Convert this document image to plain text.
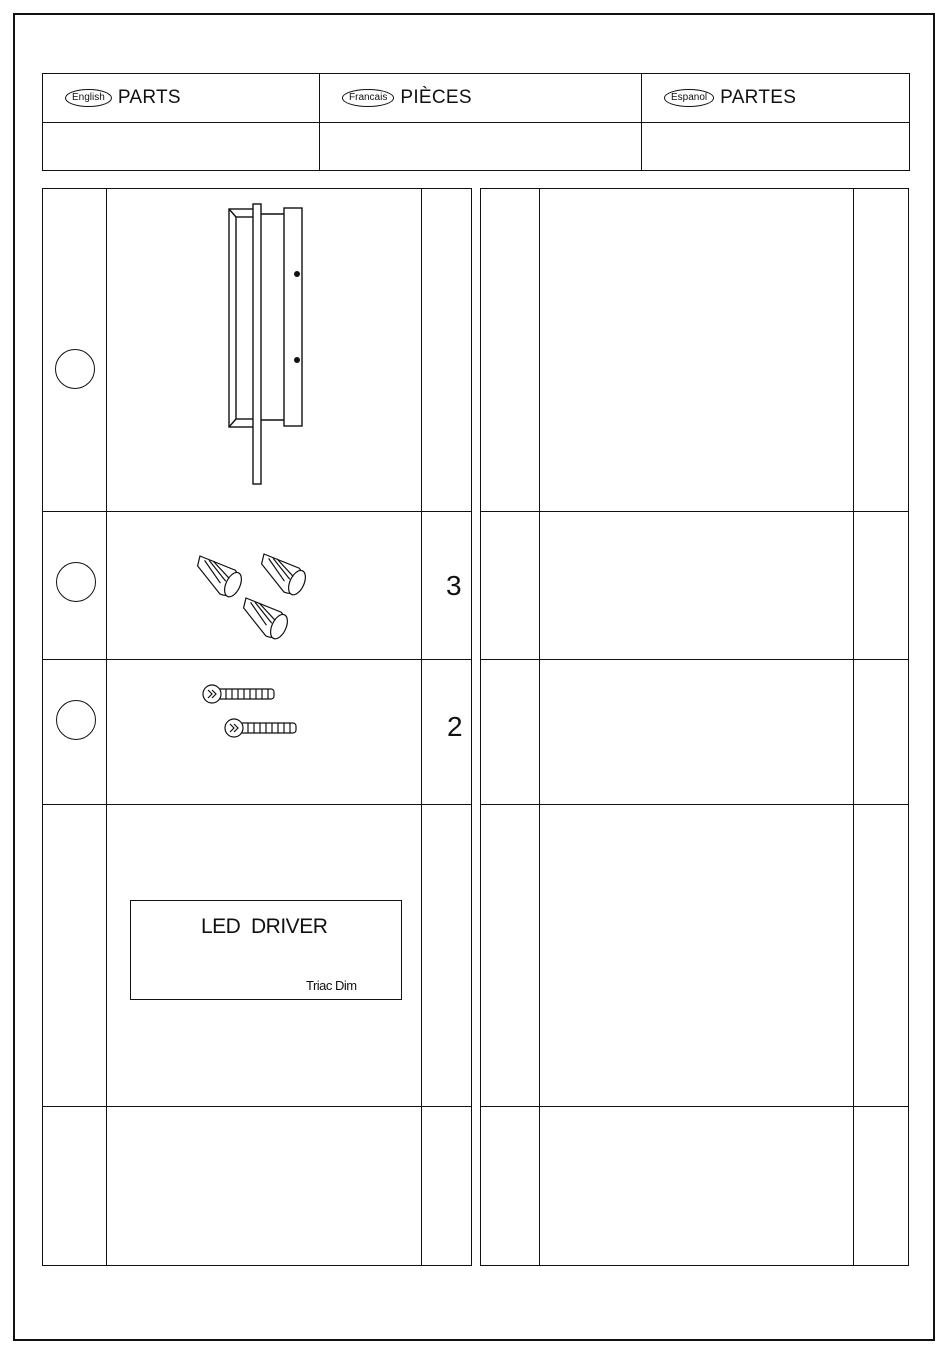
English PARTS	Francais PIÈCES	Espanol PARTES
3
2
LED  DRIVER
Triac Dim
